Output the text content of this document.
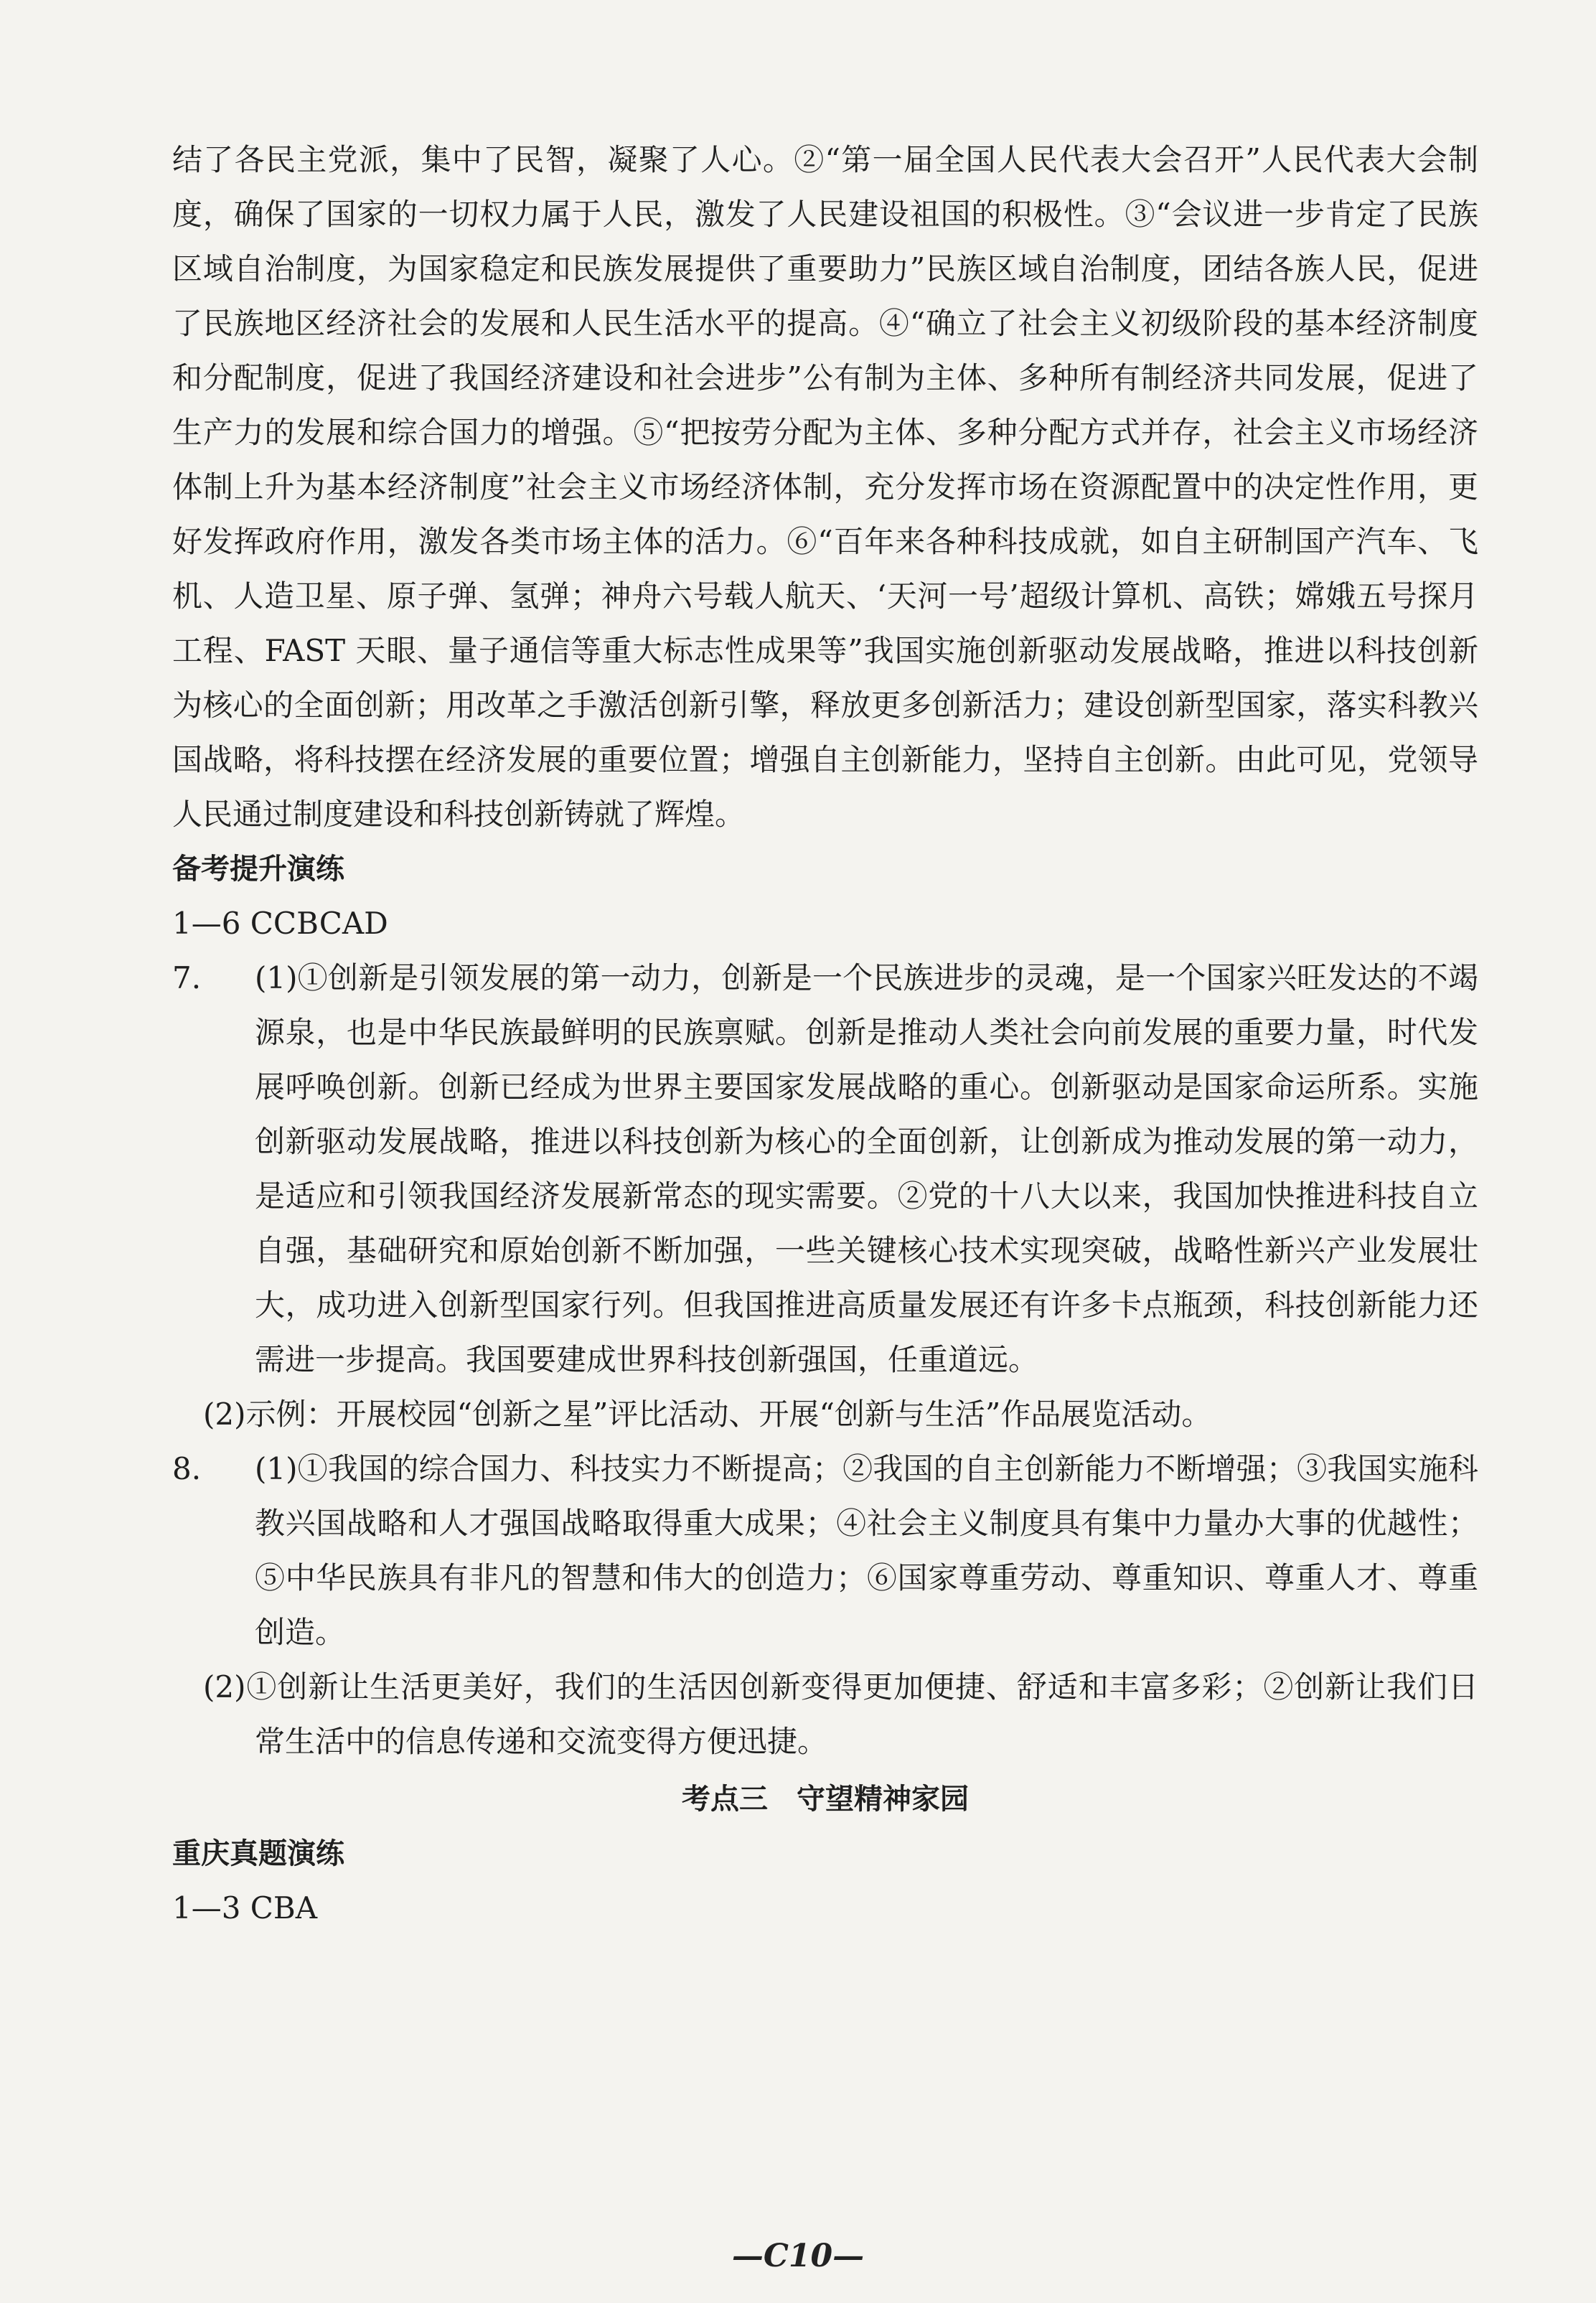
结了各民主党派，集中了民智，凝聚了人心。②“第一届全国人民代表大会召开”人民代表大会制度，确保了国家的一切权力属于人民，激发了人民建设祖国的积极性。③“会议进一步肯定了民族区域自治制度，为国家稳定和民族发展提供了重要助力”民族区域自治制度，团结各族人民，促进了民族地区经济社会的发展和人民生活水平的提高。④“确立了社会主义初级阶段的基本经济制度和分配制度，促进了我国经济建设和社会进步”公有制为主体、多种所有制经济共同发展，促进了生产力的发展和综合国力的增强。⑤“把按劳分配为主体、多种分配方式并存，社会主义市场经济体制上升为基本经济制度”社会主义市场经济体制，充分发挥市场在资源配置中的决定性作用，更好发挥政府作用，激发各类市场主体的活力。⑥“百年来各种科技成就，如自主研制国产汽车、飞机、人造卫星、原子弹、氢弹；神舟六号载人航天、‘天河一号’超级计算机、高铁；嫦娥五号探月工程、FAST 天眼、量子通信等重大标志性成果等”我国实施创新驱动发展战略，推进以科技创新为核心的全面创新；用改革之手激活创新引擎，释放更多创新活力；建设创新型国家，落实科教兴国战略，将科技摆在经济发展的重要位置；增强自主创新能力，坚持自主创新。由此可见，党领导人民通过制度建设和科技创新铸就了辉煌。

备考提升演练

1—6 CCBCAD

7. (1)①创新是引领发展的第一动力，创新是一个民族进步的灵魂，是一个国家兴旺发达的不竭源泉，也是中华民族最鲜明的民族禀赋。创新是推动人类社会向前发展的重要力量，时代发展呼唤创新。创新已经成为世界主要国家发展战略的重心。创新驱动是国家命运所系。实施创新驱动发展战略，推进以科技创新为核心的全面创新，让创新成为推动发展的第一动力，是适应和引领我国经济发展新常态的现实需要。②党的十八大以来，我国加快推进科技自立自强，基础研究和原始创新不断加强，一些关键核心技术实现突破，战略性新兴产业发展壮大，成功进入创新型国家行列。但我国推进高质量发展还有许多卡点瓶颈，科技创新能力还需进一步提高。我国要建成世界科技创新强国，任重道远。
(2)示例：开展校园“创新之星”评比活动、开展“创新与生活”作品展览活动。
8. (1)①我国的综合国力、科技实力不断提高；②我国的自主创新能力不断增强；③我国实施科教兴国战略和人才强国战略取得重大成果；④社会主义制度具有集中力量办大事的优越性；⑤中华民族具有非凡的智慧和伟大的创造力；⑥国家尊重劳动、尊重知识、尊重人才、尊重创造。
(2)①创新让生活更美好，我们的生活因创新变得更加便捷、舒适和丰富多彩；②创新让我们日常生活中的信息传递和交流变得方便迅捷。

考点三　守望精神家园

重庆真题演练

1—3 CBA

—C10—
